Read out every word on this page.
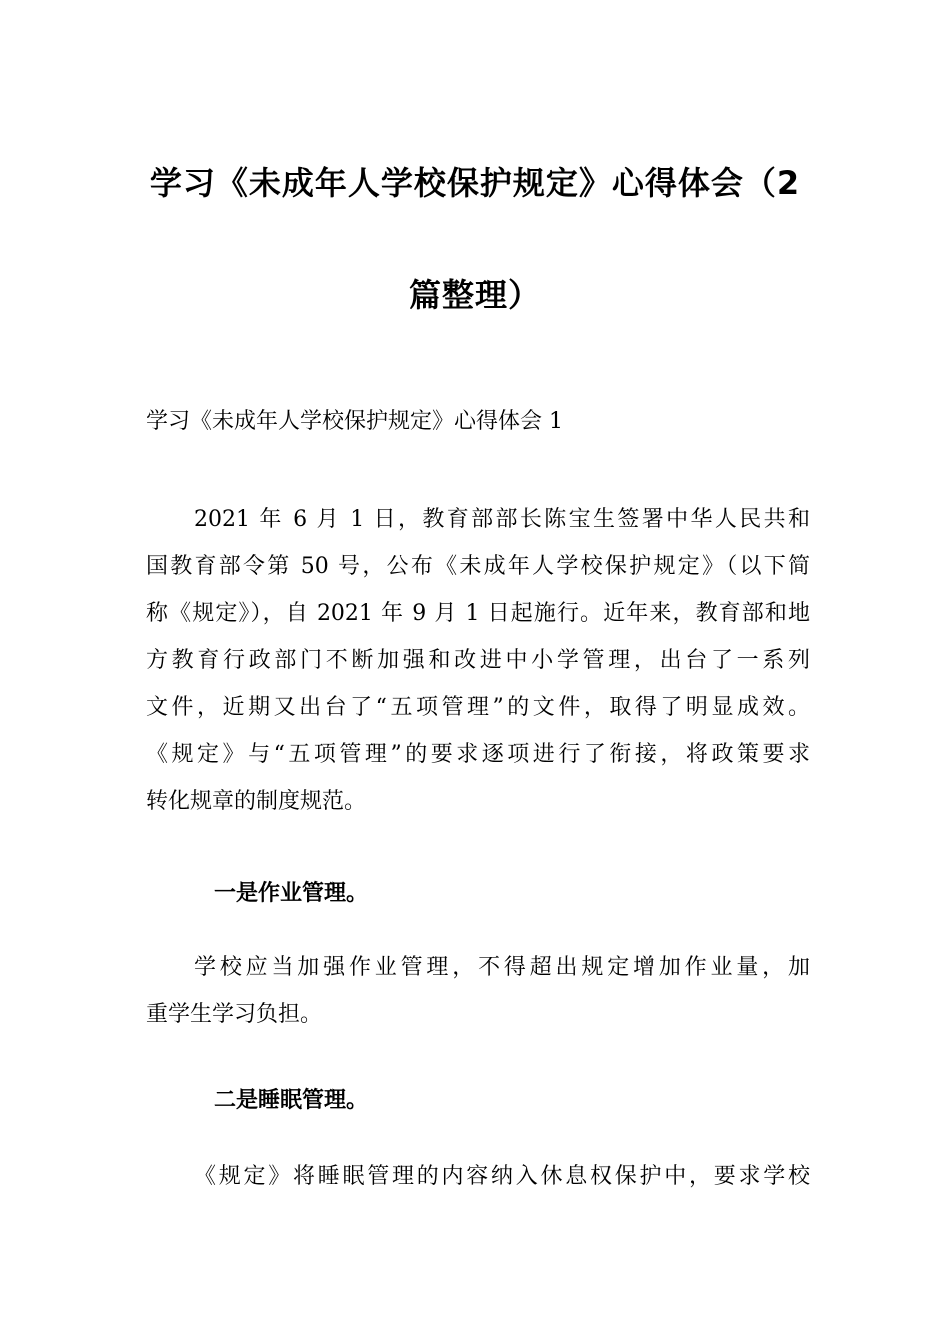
学习《未成年人学校保护规定》心得体会（2
篇整理）
学习《未成年人学校保护规定》心得体会 1
2021 年 6 月 1 日，教育部部长陈宝生签署中华人民共和
国教育部令第 50 号，公布《未成年人学校保护规定》（以下简
称《规定》），自 2021 年 9 月 1 日起施行。近年来，教育部和地
方教育行政部门不断加强和改进中小学管理，出台了一系列
文件，近期又出台了“五项管理”的文件，取得了明显成效。
《规定》与“五项管理”的要求逐项进行了衔接，将政策要求
转化规章的制度规范。
一是作业管理。
学校应当加强作业管理，不得超出规定增加作业量，加
重学生学习负担。
二是睡眠管理。
《规定》将睡眠管理的内容纳入休息权保护中，要求学校
